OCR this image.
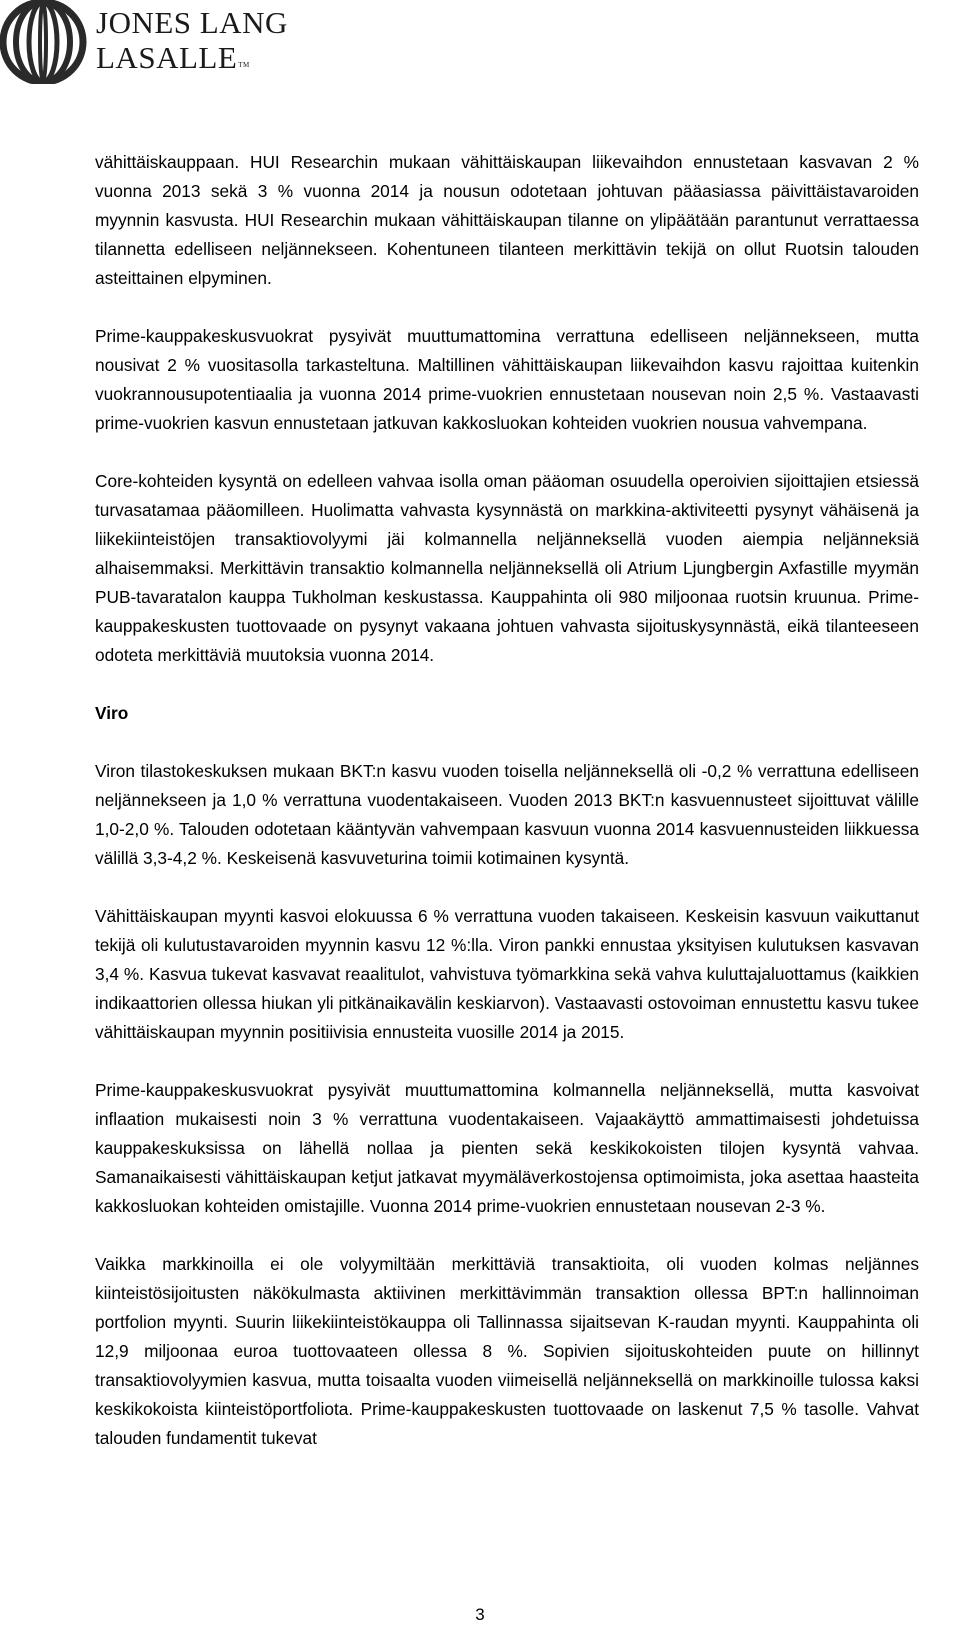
JONES LANG
LASALLE™

vähittäiskauppaan. HUI Researchin mukaan vähittäiskaupan liikevaihdon ennustetaan kasvavan 2 % vuonna 2013 sekä 3 % vuonna 2014 ja nousun odotetaan johtuvan pääasiassa päivittäistavaroiden myynnin kasvusta. HUI Researchin mukaan vähittäiskaupan tilanne on ylipäätään parantunut verrattaessa tilannetta edelliseen neljännekseen. Kohentuneen tilanteen merkittävin tekijä on ollut Ruotsin talouden asteittainen elpyminen.

Prime-kauppakeskusvuokrat pysyivät muuttumattomina verrattuna edelliseen neljännekseen, mutta nousivat 2 % vuositasolla tarkasteltuna. Maltillinen vähittäiskaupan liikevaihdon kasvu rajoittaa kuitenkin vuokrannousupotentiaalia ja vuonna 2014 prime-vuokrien ennustetaan nousevan noin 2,5 %. Vastaavasti prime-vuokrien kasvun ennustetaan jatkuvan kakkosluokan kohteiden vuokrien nousua vahvempana.

Core-kohteiden kysyntä on edelleen vahvaa isolla oman pääoman osuudella operoivien sijoittajien etsiessä turvasatamaa pääomilleen. Huolimatta vahvasta kysynnästä on markkina-aktiviteetti pysynyt vähäisenä ja liikekiinteistöjen transaktiovolyymi jäi kolmannella neljänneksellä vuoden aiempia neljänneksiä alhaisemmaksi. Merkittävin transaktio kolmannella neljänneksellä oli Atrium Ljungbergin Axfastille myymän PUB-tavaratalon kauppa Tukholman keskustassa. Kauppahinta oli 980 miljoonaa ruotsin kruunua. Prime-kauppakeskusten tuottovaade on pysynyt vakaana johtuen vahvasta sijoituskysynnästä, eikä tilanteeseen odoteta merkittäviä muutoksia vuonna 2014.

Viro

Viron tilastokeskuksen mukaan BKT:n kasvu vuoden toisella neljänneksellä oli -0,2 % verrattuna edelliseen neljännekseen ja 1,0 % verrattuna vuodentakaiseen. Vuoden 2013 BKT:n kasvuennusteet sijoittuvat välille 1,0-2,0 %. Talouden odotetaan kääntyvän vahvempaan kasvuun vuonna 2014 kasvuennusteiden liikkuessa välillä 3,3-4,2 %. Keskeisenä kasvuveturina toimii kotimainen kysyntä.

Vähittäiskaupan myynti kasvoi elokuussa 6 % verrattuna vuoden takaiseen. Keskeisin kasvuun vaikuttanut tekijä oli kulutustavaroiden myynnin kasvu 12 %:lla. Viron pankki ennustaa yksityisen kulutuksen kasvavan 3,4 %. Kasvua tukevat kasvavat reaalitulot, vahvistuva työmarkkina sekä vahva kuluttajaluottamus (kaikkien indikaattorien ollessa hiukan yli pitkänaikavälin keskiarvon). Vastaavasti ostovoiman ennustettu kasvu tukee vähittäiskaupan myynnin positiivisia ennusteita vuosille 2014 ja 2015.

Prime-kauppakeskusvuokrat pysyivät muuttumattomina kolmannella neljänneksellä, mutta kasvoivat inflaation mukaisesti noin 3 % verrattuna vuodentakaiseen. Vajaakäyttö ammattimaisesti johdetuissa kauppakeskuksissa on lähellä nollaa ja pienten sekä keskikokoisten tilojen kysyntä vahvaa. Samanaikaisesti vähittäiskaupan ketjut jatkavat myymäläverkostojensa optimoimista, joka asettaa haasteita kakkosluokan kohteiden omistajille. Vuonna 2014 prime-vuokrien ennustetaan nousevan 2-3 %.

Vaikka markkinoilla ei ole volyymiltään merkittäviä transaktioita, oli vuoden kolmas neljännes kiinteistösijoitusten näkökulmasta aktiivinen merkittävimmän transaktion ollessa BPT:n hallinnoiman portfolion myynti. Suurin liikekiinteistökauppa oli Tallinnassa sijaitsevan K-raudan myynti. Kauppahinta oli 12,9 miljoonaa euroa tuottovaateen ollessa 8 %. Sopivien sijoituskohteiden puute on hillinnyt transaktiovolyymien kasvua, mutta toisaalta vuoden viimeisellä neljänneksellä on markkinoille tulossa kaksi keskikokoista kiinteistöportfoliota. Prime-kauppakeskusten tuottovaade on laskenut 7,5 % tasolle. Vahvat talouden fundamentit tukevat

3
